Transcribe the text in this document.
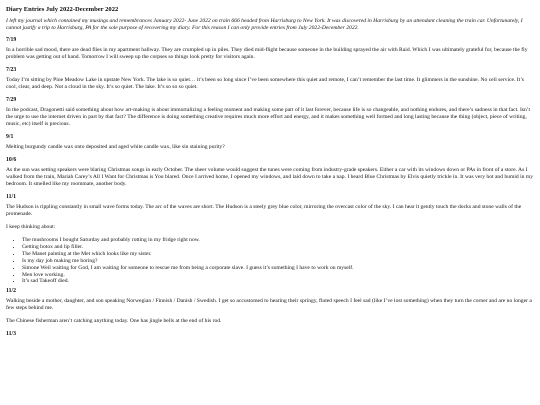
Diary Entries July 2022-December 2022

I left my journal which contained my musings and remembrances January 2022- June 2022 on train 666 headed from Harrisburg to New York. It was discovered in Harrisburg by an attendant cleaning the train car. Unfortunately, I cannot justify a trip to Harrisburg, PA for the sole purpose of recovering my diary. For this reason I can only provide entries from July 2022-December 2022.

7/19

In a horrible sad mood, there are dead flies in my apartment hallway. They are crumpled up in piles. They died mid-flight because someone in the building sprayed the air with Raid. Which I was ultimately grateful for, because the fly problem was getting out of hand. Tomorrow I will sweep up the corpses so things look pretty for visitors again.

7/23

Today I’m sitting by Pine Meadow Lake in upstate New York. The lake is so quiet… it’s been so long since I’ve been somewhere this quiet and remote, I can’t remember the last time. It glimmers in the sunshine. No cell service. It’s cool, clear, and deep. Not a cloud in the sky. It’s so quiet. The lake. It’s so so so quiet.

7/29

In the podcast, Dragonetti said something about how art-making is about immortalizing a feeling moment and making some part of it last forever, because life is so changeable, and nothing endures, and there’s sadness in that fact. Isn’t the urge to use the internet driven in part by that fact? The difference is doing something creative requires much more effort and energy, and it makes something well formed and long lasting because the thing (object, piece of writing, music, etc) itself is precious.

9/1

Melting burgundy candle wax onto deposited and aged white candle wax, like sin staining purity?

10/6

As the sun was setting speakers were blaring Christmas songs in early October. The sheer volume would suggest the tunes were coming from industry-grade speakers. Either a car with its windows down or PAs in front of a store. As I walked from the train, Mariah Carey’s All I Want for Christmas is You blared. Once I arrived home, I opened my windows, and laid down to take a nap. I heard Blue Christmas by Elvis quietly trickle in. It was very hot and humid in my bedroom. It smelled like my roommate, another body.

11/1

The Hudson is rippling constantly in small wave forms today. The arc of the waves are short. The Hudson is a steely grey blue color, mirroring the overcast color of the sky. I can hear it gently touch the docks and stone walls of the promenade.

I keep thinking about:

• The mushrooms I bought Saturday and probably rotting in my fridge right now.
• Getting botox and lip filler.
• The Manet painting at the Met which looks like my sister.
• Is my day job making me boring?
• Simone Weil waiting for God, I am waiting for someone to rescue me from being a corporate slave. I guess it’s something I have to work on myself.
• Men love working.
• It’s sad Takeoff died.
11/2

Walking beside a mother, daughter, and son speaking Norwegian / Finnish / Danish / Swedish. I get so accustomed to hearing their springy, fluted speech I feel sad (like I’ve lost something) when they turn the corner and are no longer a few steps behind me.

The Chinese fisherman aren’t catching anything today. One has jingle bells at the end of his rod.

11/3
